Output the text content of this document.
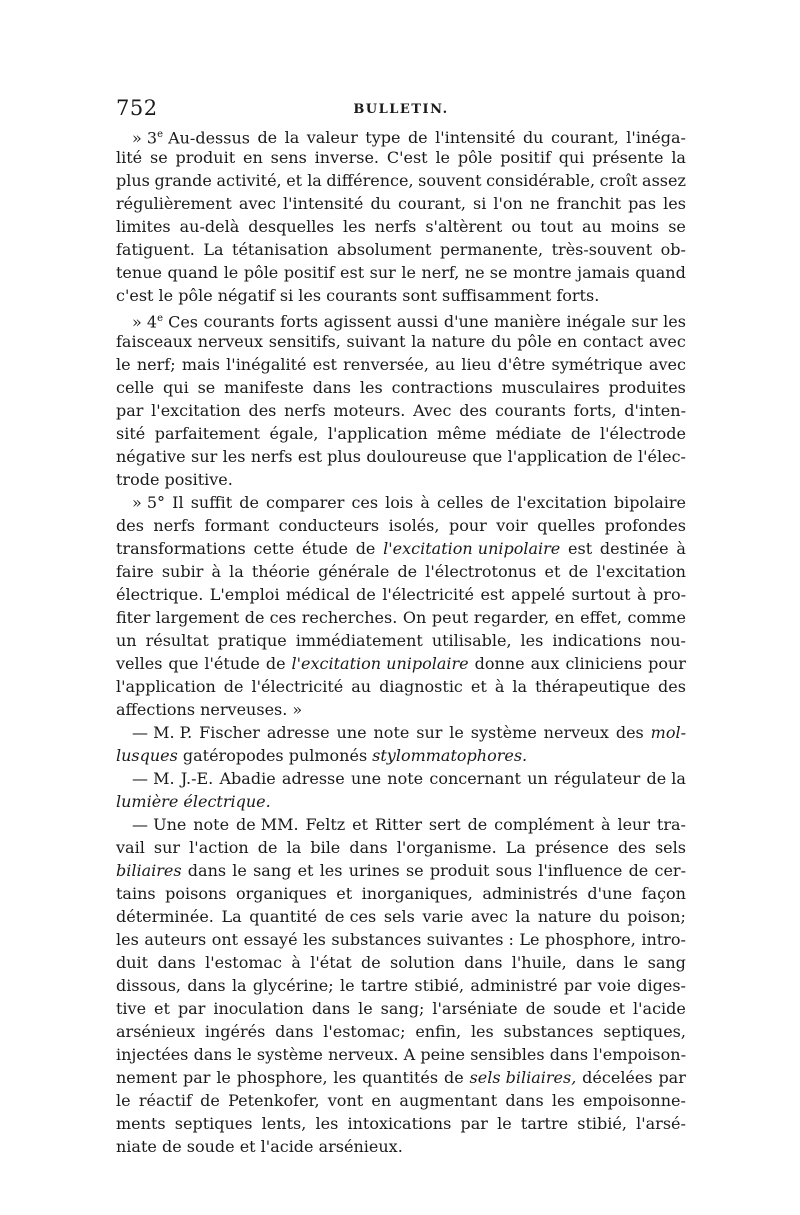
752	BULLETIN.
» 3e Au-dessus de la valeur type de l'intensité du courant, l'inéga-
lité se produit en sens inverse. C'est le pôle positif qui présente la
plus grande activité, et la différence, souvent considérable, croît assez
régulièrement avec l'intensité du courant, si l'on ne franchit pas les
limites au-delà desquelles les nerfs s'altèrent ou tout au moins se
fatiguent. La tétanisation absolument permanente, très-souvent ob-
tenue quand le pôle positif est sur le nerf, ne se montre jamais quand
c'est le pôle négatif si les courants sont suffisamment forts.
» 4e Ces courants forts agissent aussi d'une manière inégale sur les
faisceaux nerveux sensitifs, suivant la nature du pôle en contact avec
le nerf; mais l'inégalité est renversée, au lieu d'être symétrique avec
celle qui se manifeste dans les contractions musculaires produites
par l'excitation des nerfs moteurs. Avec des courants forts, d'inten-
sité parfaitement égale, l'application même médiate de l'électrode
négative sur les nerfs est plus douloureuse que l'application de l'élec-
trode positive.
» 5° Il suffit de comparer ces lois à celles de l'excitation bipolaire
des nerfs formant conducteurs isolés, pour voir quelles profondes
transformations cette étude de l'excitation unipolaire est destinée à
faire subir à la théorie générale de l'électrotonus et de l'excitation
électrique. L'emploi médical de l'électricité est appelé surtout à pro-
fiter largement de ces recherches. On peut regarder, en effet, comme
un résultat pratique immédiatement utilisable, les indications nou-
velles que l'étude de l'excitation unipolaire donne aux cliniciens pour
l'application de l'électricité au diagnostic et à la thérapeutique des
affections nerveuses. »
— M. P. Fischer adresse une note sur le système nerveux des mol-
lusques gatéropodes pulmonés stylommatophores.
— M. J.-E. Abadie adresse une note concernant un régulateur de la
lumière électrique.
— Une note de MM. Feltz et Ritter sert de complément à leur tra-
vail sur l'action de la bile dans l'organisme. La présence des sels
biliaires dans le sang et les urines se produit sous l'influence de cer-
tains poisons organiques et inorganiques, administrés d'une façon
déterminée. La quantité de ces sels varie avec la nature du poison;
les auteurs ont essayé les substances suivantes : Le phosphore, intro-
duit dans l'estomac à l'état de solution dans l'huile, dans le sang
dissous, dans la glycérine; le tartre stibié, administré par voie diges-
tive et par inoculation dans le sang; l'arséniate de soude et l'acide
arsénieux ingérés dans l'estomac; enfin, les substances septiques,
injectées dans le système nerveux. A peine sensibles dans l'empoison-
nement par le phosphore, les quantités de sels biliaires, décelées par
le réactif de Petenkofer, vont en augmentant dans les empoisonne-
ments septiques lents, les intoxications par le tartre stibié, l'arsé-
niate de soude et l'acide arsénieux.
